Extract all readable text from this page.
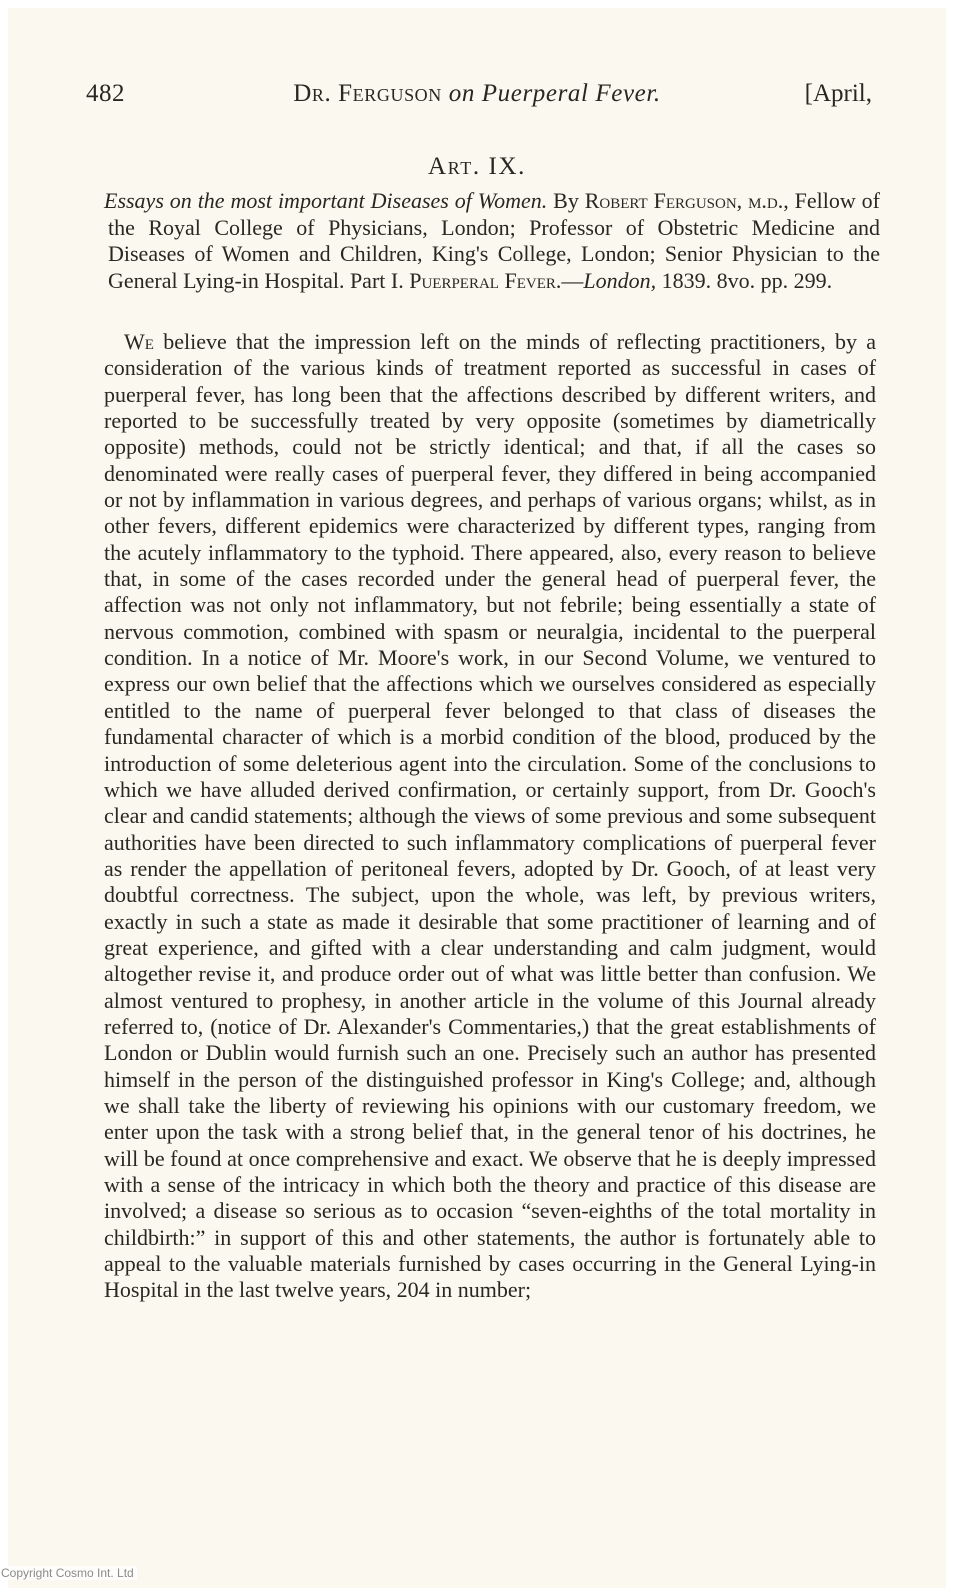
482	Dr. Ferguson on Puerperal Fever.	[April,
Art. IX.
Essays on the most important Diseases of Women. By Robert Ferguson, m.d., Fellow of the Royal College of Physicians, London; Professor of Obstetric Medicine and Diseases of Women and Children, King's College, London; Senior Physician to the General Lying-in Hospital. Part I. Puerperal Fever.—London, 1839. 8vo. pp. 299.

We believe that the impression left on the minds of reflecting practitioners, by a consideration of the various kinds of treatment reported as successful in cases of puerperal fever, has long been that the affections described by different writers, and reported to be successfully treated by very opposite (sometimes by diametrically opposite) methods, could not be strictly identical; and that, if all the cases so denominated were really cases of puerperal fever, they differed in being accompanied or not by inflammation in various degrees, and perhaps of various organs; whilst, as in other fevers, different epidemics were characterized by different types, ranging from the acutely inflammatory to the typhoid. There appeared, also, every reason to believe that, in some of the cases recorded under the general head of puerperal fever, the affection was not only not inflammatory, but not febrile; being essentially a state of nervous commotion, combined with spasm or neuralgia, incidental to the puerperal condition. In a notice of Mr. Moore's work, in our Second Volume, we ventured to express our own belief that the affections which we ourselves considered as especially entitled to the name of puerperal fever belonged to that class of diseases the fundamental character of which is a morbid condition of the blood, produced by the introduction of some deleterious agent into the circulation. Some of the conclusions to which we have alluded derived confirmation, or certainly support, from Dr. Gooch's clear and candid statements; although the views of some previous and some subsequent authorities have been directed to such inflammatory complications of puerperal fever as render the appellation of peritoneal fevers, adopted by Dr. Gooch, of at least very doubtful correctness. The subject, upon the whole, was left, by previous writers, exactly in such a state as made it desirable that some practitioner of learning and of great experience, and gifted with a clear understanding and calm judgment, would altogether revise it, and produce order out of what was little better than confusion. We almost ventured to prophesy, in another article in the volume of this Journal already referred to, (notice of Dr. Alexander's Commentaries,) that the great establishments of London or Dublin would furnish such an one. Precisely such an author has presented himself in the person of the distinguished professor in King's College; and, although we shall take the liberty of reviewing his opinions with our customary freedom, we enter upon the task with a strong belief that, in the general tenor of his doctrines, he will be found at once comprehensive and exact. We observe that he is deeply impressed with a sense of the intricacy in which both the theory and practice of this disease are involved; a disease so serious as to occasion “seven-eighths of the total mortality in childbirth:” in support of this and other statements, the author is fortunately able to appeal to the valuable materials furnished by cases occurring in the General Lying-in Hospital in the last twelve years, 204 in number;

Copyright Cosmo Int. Ltd
